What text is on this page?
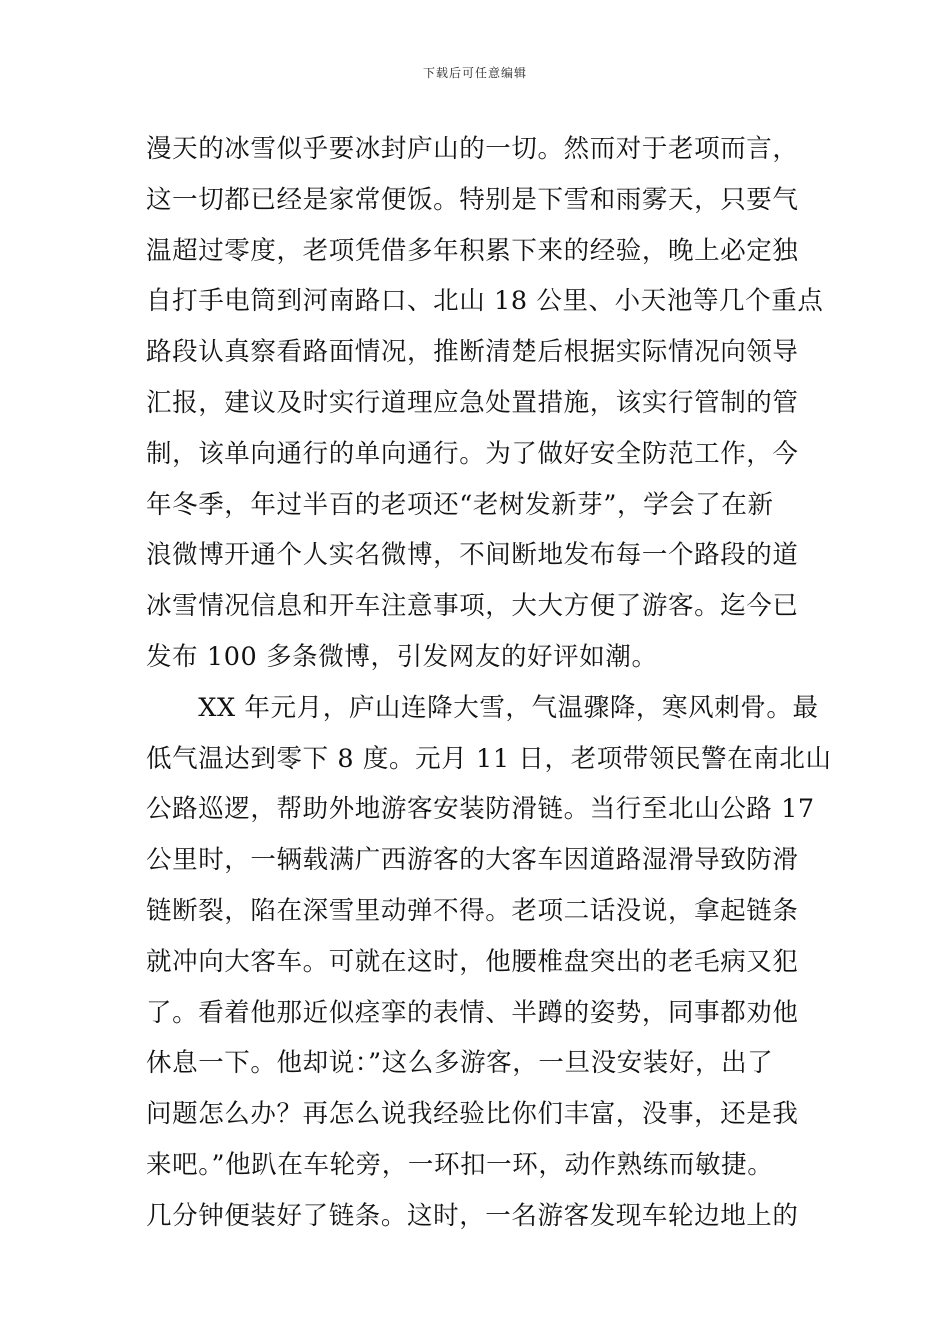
下载后可任意编辑
漫天的冰雪似乎要冰封庐山的一切。然而对于老项而言，
这一切都已经是家常便饭。特别是下雪和雨雾天，只要气
温超过零度，老项凭借多年积累下来的经验，晚上必定独
自打手电筒到河南路口、北山 18 公里、小天池等几个重点
路段认真察看路面情况，推断清楚后根据实际情况向领导
汇报，建议及时实行道理应急处置措施，该实行管制的管
制，该单向通行的单向通行。为了做好安全防范工作，今
年冬季，年过半百的老项还“老树发新芽”，学会了在新
浪微博开通个人实名微博，不间断地发布每一个路段的道
冰雪情况信息和开车注意事项，大大方便了游客。迄今已
发布 100 多条微博，引发网友的好评如潮。
　　XX 年元月，庐山连降大雪，气温骤降，寒风刺骨。最
低气温达到零下 8 度。元月 11 日，老项带领民警在南北山
公路巡逻，帮助外地游客安装防滑链。当行至北山公路 17
公里时，一辆载满广西游客的大客车因道路湿滑导致防滑
链断裂，陷在深雪里动弹不得。老项二话没说，拿起链条
就冲向大客车。可就在这时，他腰椎盘突出的老毛病又犯
了。看着他那近似痉挛的表情、半蹲的姿势，同事都劝他
休息一下。他却说：”这么多游客，一旦没安装好，出了
问题怎么办？再怎么说我经验比你们丰富，没事，还是我
来吧。”他趴在车轮旁，一环扣一环，动作熟练而敏捷。
几分钟便装好了链条。这时，一名游客发现车轮边地上的
